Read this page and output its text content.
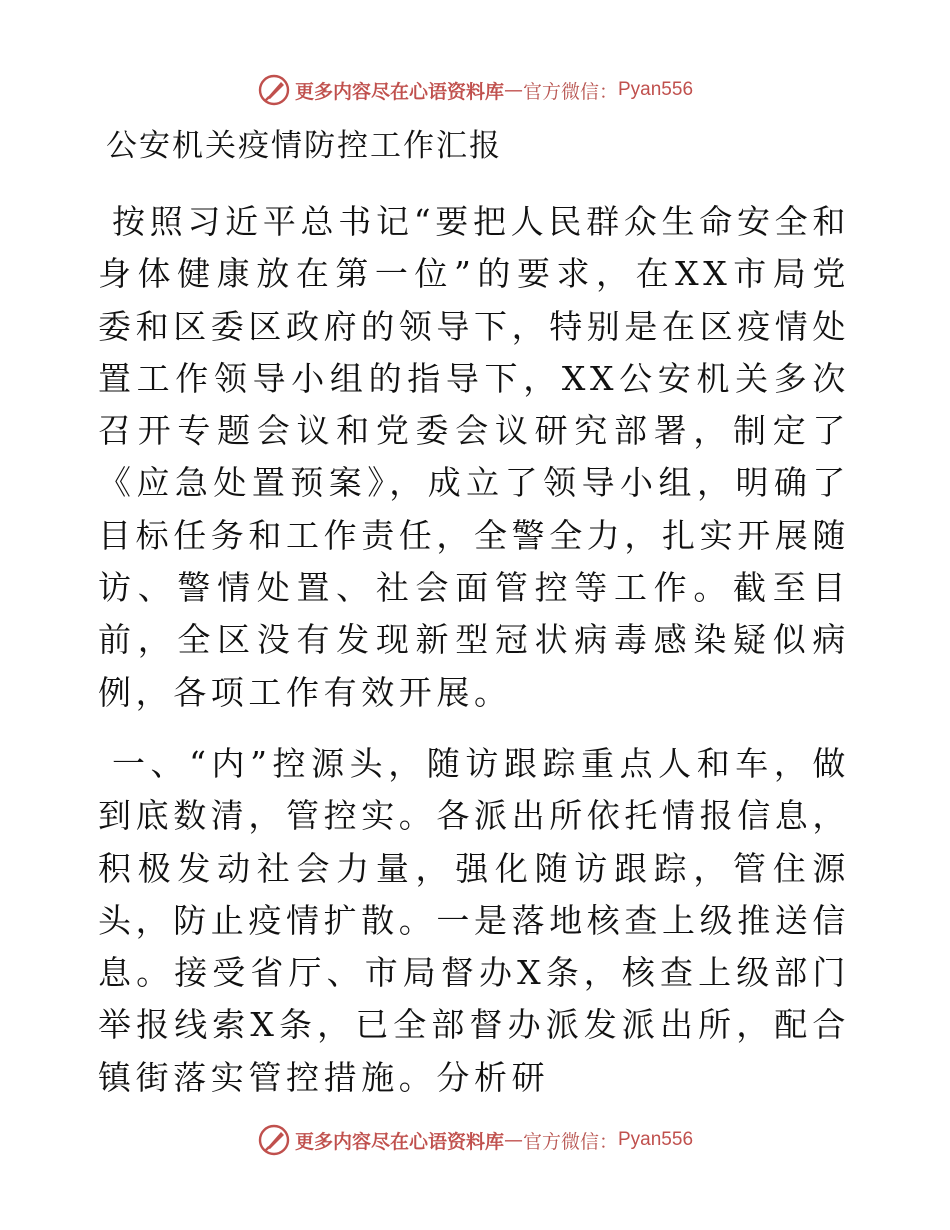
更多内容尽在心语资料库 — 官方微信： Pyan556
公安机关疫情防控工作汇报

按照习近平总书记“要把人民群众生命安全和身体健康放在第一位”的要求，在XX市局党委和区委区政府的领导下，特别是在区疫情处置工作领导小组的指导下，XX公安机关多次召开专题会议和党委会议研究部署，制定了《应急处置预案》，成立了领导小组，明确了目标任务和工作责任，全警全力，扎实开展随访、警情处置、社会面管控等工作。截至目前，全区没有发现新型冠状病毒感染疑似病例，各项工作有效开展。

一、“内”控源头，随访跟踪重点人和车，做到底数清，管控实。各派出所依托情报信息，积极发动社会力量，强化随访跟踪，管住源头，防止疫情扩散。一是落地核查上级推送信息。接受省厅、市局督办X条，核查上级部门举报线索X条，已全部督办派发派出所，配合镇街落实管控措施。分析研

更多内容尽在心语资料库 — 官方微信： Pyan556
